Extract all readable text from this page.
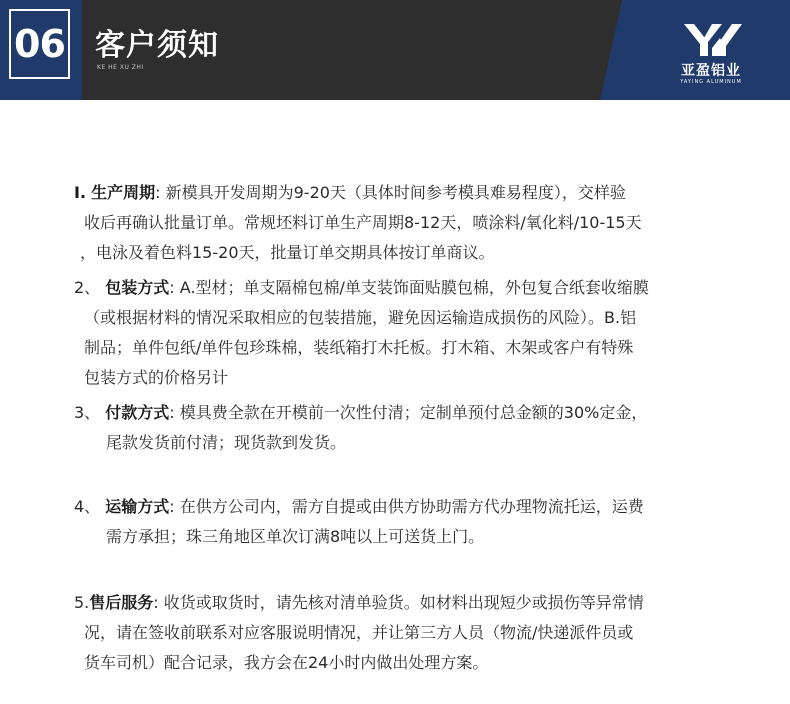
06 客户须知
KE HE XU ZHI	亚盈铝业
YAYING ALUMINUM
I. 生产周期: 新模具开发周期为9-20天（具体时间参考模具难易程度），交样验
收后再确认批量订单。常规坯料订单生产周期8-12天，喷涂料/氧化料/10-15天
，电泳及着色料15-20天，批量订单交期具体按订单商议。
2、 包装方式: A.型材；单支隔棉包棉/单支装饰面贴膜包棉，外包复合纸套收缩膜
（或根据材料的情况采取相应的包装措施，避免因运输造成损伤的风险）。B.铝
制品；单件包纸/单件包珍珠棉，装纸箱打木托板。打木箱、木架或客户有特殊
包装方式的价格另计
3、 付款方式: 模具费全款在开模前一次性付清；定制单预付总金额的30%定金，
尾款发货前付清；现货款到发货。
4、 运输方式: 在供方公司内，需方自提或由供方协助需方代办理物流托运，运费
需方承担；珠三角地区单次订满8吨以上可送货上门。
5.售后服务: 收货或取货时，请先核对清单验货。如材料出现短少或损伤等异常情
况，请在签收前联系对应客服说明情况，并让第三方人员（物流/快递派件员或
货车司机）配合记录，我方会在24小时内做出处理方案。
